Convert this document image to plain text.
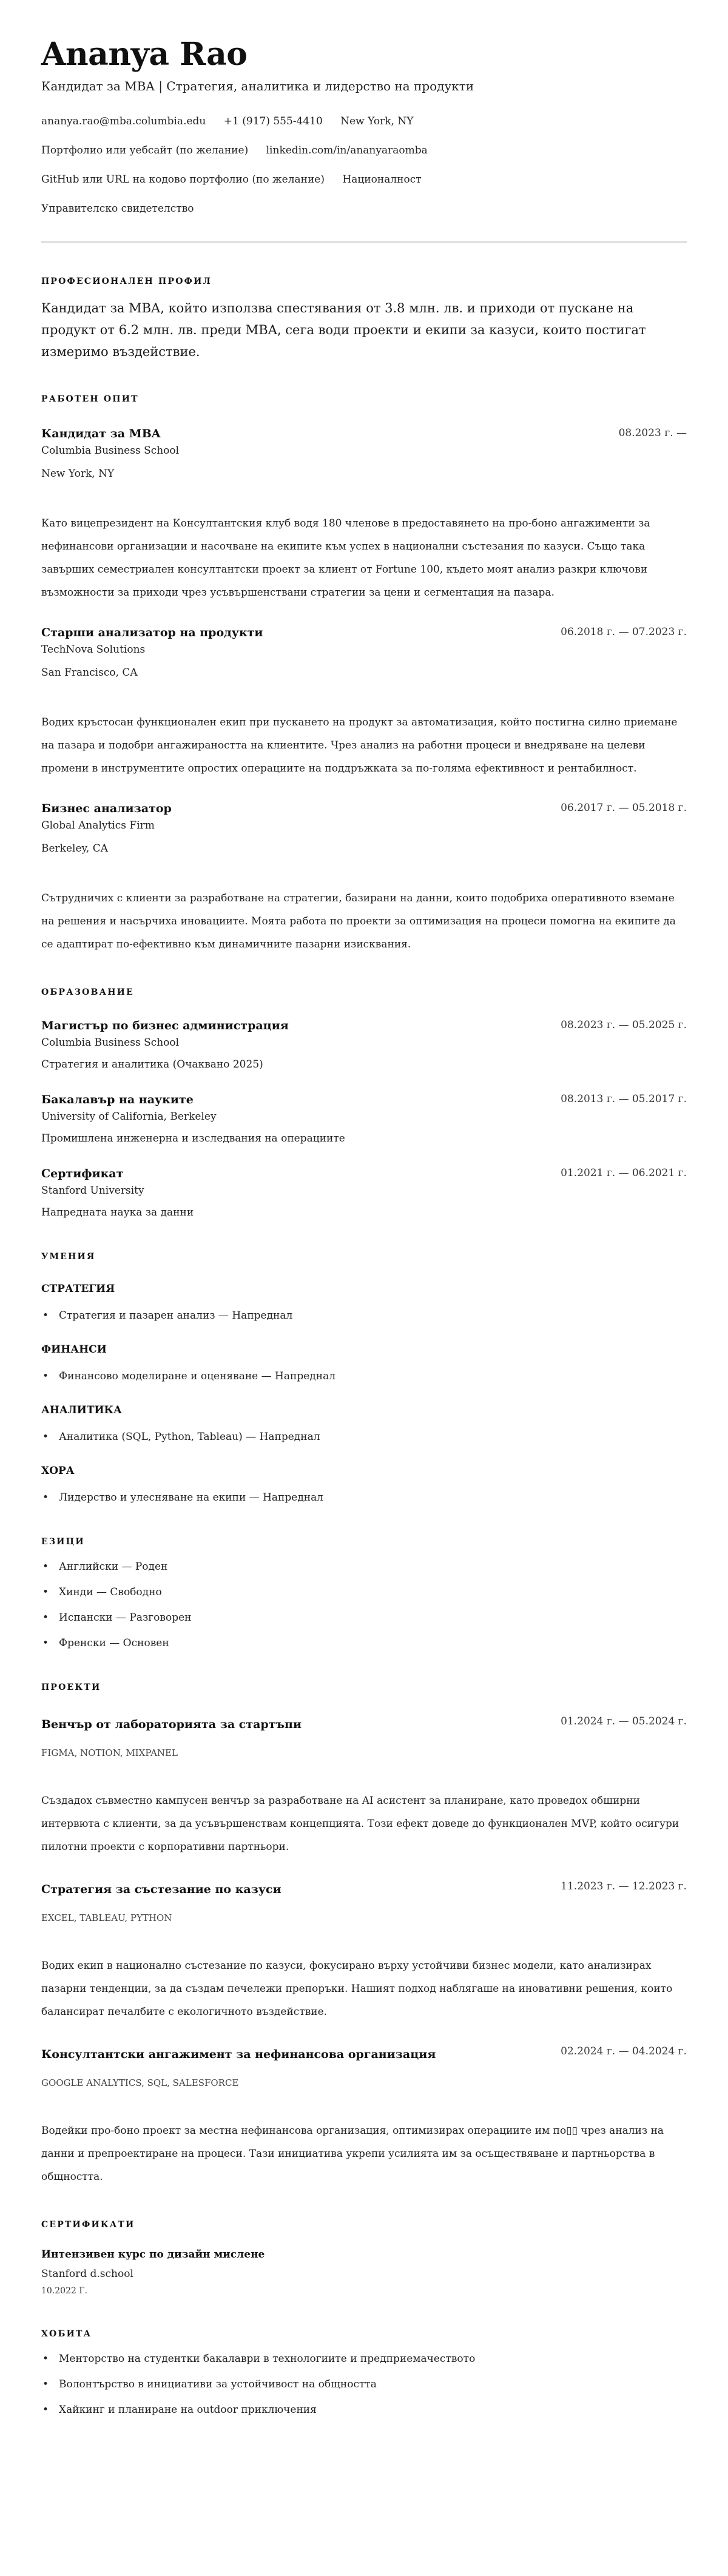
Ananya Rao
Кандидат за MBA | Стратегия, аналитика и лидерство на продукти
ananya.rao@mba.columbia.edu +1 (917) 555-4410 New York, NY
Портфолио или уебсайт (по желание) linkedin.com/in/ananyaraomba
GitHub или URL на кодово портфолио (по желание) Националност
Управителско свидетелство
ПРОФЕСИОНАЛЕН ПРОФИЛ

Кандидат за MBA, който използва спестявания от 3.8 млн. лв. и приходи от пускане на продукт от 6.2 млн. лв. преди MBA, сега води проекти и екипи за казуси, които постигат измеримо въздействие.

РАБОТЕН ОПИТ
Кандидат за MBA	08.2023 г. —
Columbia Business School
New York, NY

Като вицепрезидент на Консултантския клуб водя 180 членове в предоставянето на про-боно ангажименти за нефинансови организации и насочване на екипите към успех в национални състезания по казуси. Също така завърших семестриален консултантски проект за клиент от Fortune 100, където моят анализ разкри ключови възможности за приходи чрез усъвършенствани стратегии за цени и сегментация на пазара.

Старши анализатор на продукти	06.2018 г. — 07.2023 г.
TechNova Solutions
San Francisco, CA

Водих кръстосан функционален екип при пускането на продукт за автоматизация, който постигна силно приемане на пазара и подобри ангажираността на клиентите. Чрез анализ на работни процеси и внедряване на целеви промени в инструментите опростих операциите на поддръжката за по-голяма ефективност и рентабилност.

Бизнес анализатор	06.2017 г. — 05.2018 г.
Global Analytics Firm
Berkeley, CA

Сътрудничих с клиенти за разработване на стратегии, базирани на данни, които подобриха оперативното вземане на решения и насърчиха иновациите. Моята работа по проекти за оптимизация на процеси помогна на екипите да се адаптират по-ефективно към динамичните пазарни изисквания.

ОБРАЗОВАНИЕ
Магистър по бизнес администрация	08.2023 г. — 05.2025 г.
Columbia Business School
Стратегия и аналитика (Очаквано 2025)
Бакалавър на науките	08.2013 г. — 05.2017 г.
University of California, Berkeley
Промишлена инженерна и изследвания на операциите
Сертификат	01.2021 г. — 06.2021 г.
Stanford University
Напредната наука за данни
УМЕНИЯ
СТРАТЕГИЯ
• Стратегия и пазарен анализ — Напреднал
ФИНАНСИ
• Финансово моделиране и оценяване — Напреднал
АНАЛИТИКА
• Аналитика (SQL, Python, Tableau) — Напреднал
ХОРА
• Лидерство и улесняване на екипи — Напреднал
ЕЗИЦИ
• Английски — Роден
• Хинди — Свободно
• Испански — Разговорен
• Френски — Основен
ПРОЕКТИ
Венчър от лабораторията за стартъпи	01.2024 г. — 05.2024 г.
FIGMA, NOTION, MIXPANEL

Създадох съвместно кампусен венчър за разработване на AI асистент за планиране, като проведох обширни интервюта с клиенти, за да усъвършенствам концепцията. Този ефект доведе до функционален MVP, който осигури пилотни проекти с корпоративни партньори.

Стратегия за състезание по казуси	11.2023 г. — 12.2023 г.
EXCEL, TABLEAU, PYTHON

Водих екип в национално състезание по казуси, фокусирано върху устойчиви бизнес модели, като анализирах пазарни тенденции, за да създам печележи препоръки. Нашият подход наблягаше на иновативни решения, които балансират печалбите с екологичното въздействие.

Консултантски ангажимент за нефинансова организация	02.2024 г. — 04.2024 г.
GOOGLE ANALYTICS, SQL, SALESFORCE

Водейки про-боно проект за местна нефинансова организация, оптимизирах операциите им по▯▯ чрез анализ на данни и препроектиране на процеси. Тази инициатива укрепи усилията им за осъществяване и партньорства в общността.

СЕРТИФИКАТИ
Интензивен курс по дизайн мислене
Stanford d.school
10.2022 Г.
ХОБИТА
• Менторство на студентки бакалаври в технологиите и предприемачеството
• Волонтърство в инициативи за устойчивост на общността
• Хайкинг и планиране на outdoor приключения
